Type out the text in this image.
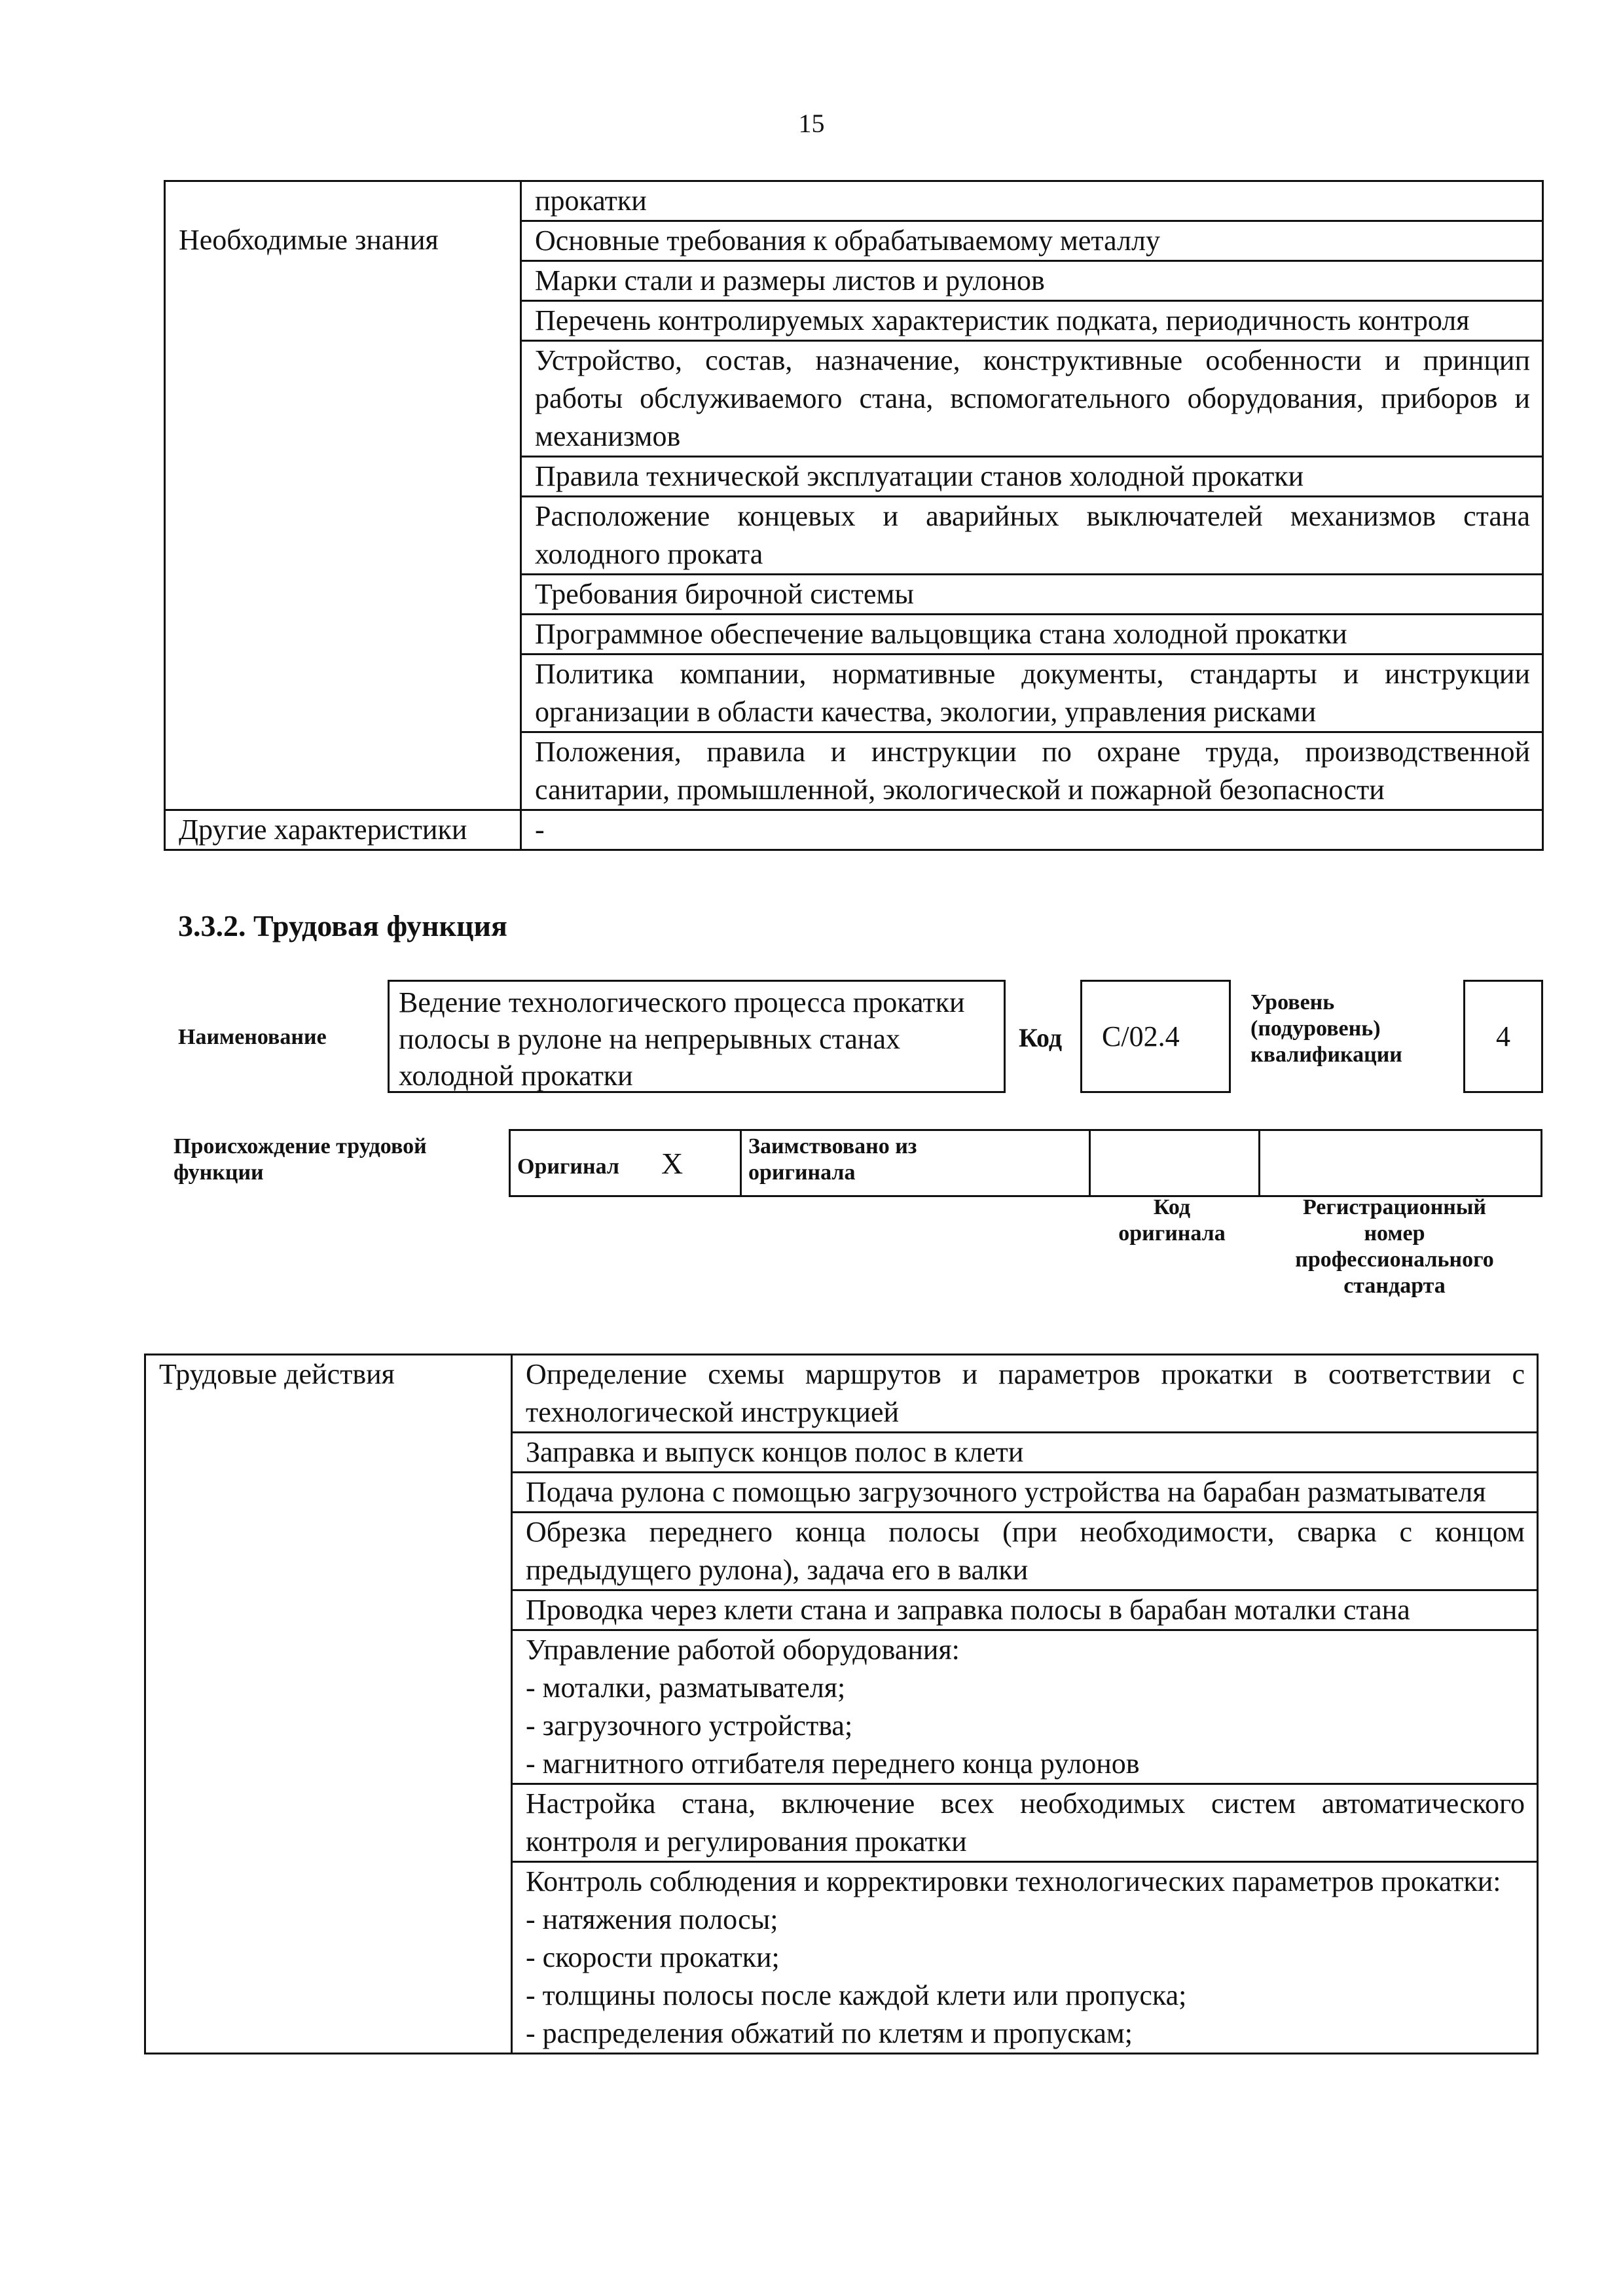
15
	прокатки
Необходимые знания	Основные требования к обрабатываемому металлу
	Марки стали и размеры листов и рулонов
	Перечень контролируемых характеристик подката, периодичность контроля
	Устройство, состав, назначение, конструктивные особенности и принцип работы обслуживаемого стана, вспомогательного оборудования, приборов и механизмов
	Правила технической эксплуатации станов холодной прокатки
	Расположение концевых и аварийных выключателей механизмов стана холодного проката
	Требования бирочной системы
	Программное обеспечение вальцовщика стана холодной прокатки
	Политика компании, нормативные документы, стандарты и инструкции организации в области качества, экологии, управления рисками
	Положения, правила и инструкции по охране труда, производственной санитарии, промышленной, экологической и пожарной безопасности
Другие характеристики	-
3.3.2. Трудовая функция
Наименование
Ведение технологического процесса прокатки полосы в рулоне на непрерывных станах холодной прокатки
Код	C/02.4
Уровень (подуровень) квалификации
4
Происхождение трудовой функции	Оригинал X	Заимствовано из оригинала

Код оригинала
Регистрационный номер профессионального стандарта
Трудовые действия	Определение схемы маршрутов и параметров прокатки в соответствии с технологической инструкцией
Заправка и выпуск концов полос в клети
Подача рулона с помощью загрузочного устройства на барабан разматывателя
Обрезка переднего конца полосы (при необходимости, сварка с концом предыдущего рулона), задача его в валки
Проводка через клети стана и заправка полосы в барабан моталки стана

Управление работой оборудования:
- моталки, разматывателя;
- загрузочного устройства;
- магнитного отгибателя переднего конца рулонов

Настройка стана, включение всех необходимых систем автоматического контроля и регулирования прокатки

Контроль соблюдения и корректировки технологических параметров прокатки:
- натяжения полосы;
- скорости прокатки;
- толщины полосы после каждой клети или пропуска;
- распределения обжатий по клетям и пропускам;
